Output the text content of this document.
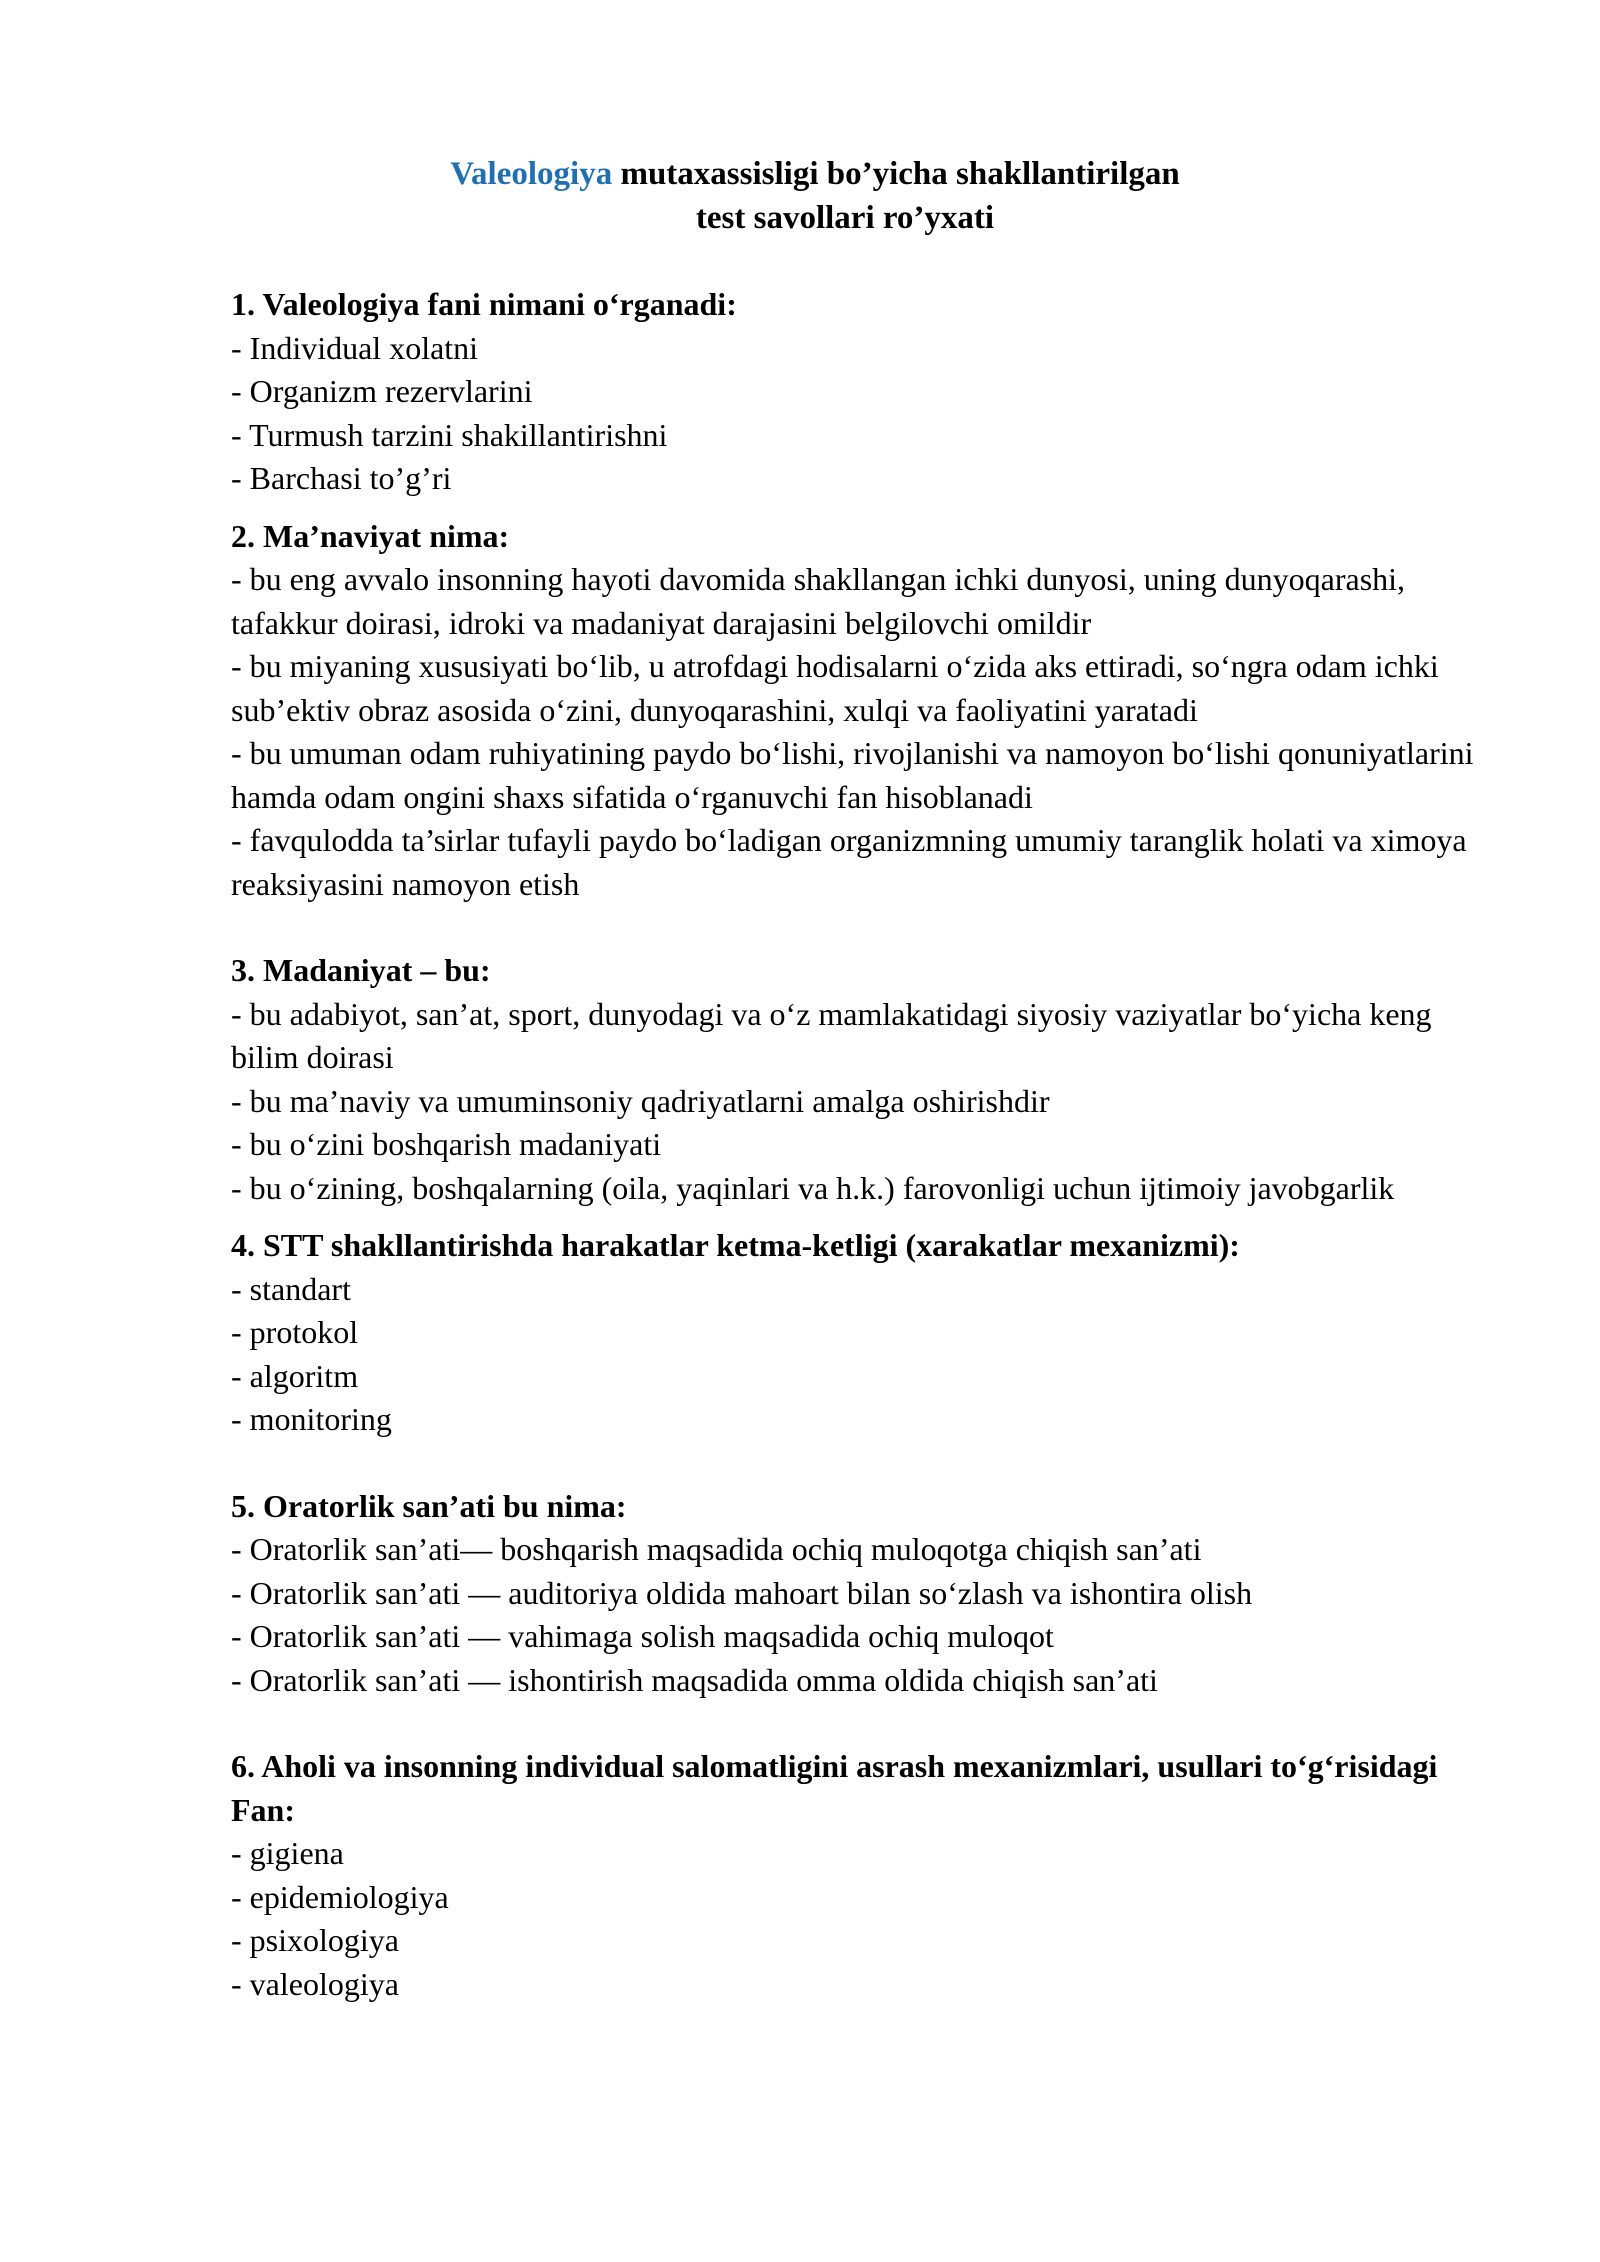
Valeologiya mutaxassisligi bo’yicha shakllantirilgan
test savollari ro’yxati

1. Valeologiya fani nimani o‘rganadi:

- Individual xolatni
- Organizm rezervlarini
- Turmush tarzini shakillantirishni
- Barchasi to’g’ri

2. Ma’naviyat nima:

- bu eng avvalo insonning hayoti davomida shakllangan ichki dunyosi, uning dunyoqarashi, tafakkur doirasi, idroki va madaniyat darajasini belgilovchi omildir
- bu miyaning xususiyati bo‘lib, u atrofdagi hodisalarni o‘zida aks ettiradi, so‘ngra odam ichki sub’ektiv obraz asosida o‘zini, dunyoqarashini, xulqi va faoliyatini yaratadi
- bu umuman odam ruhiyatining paydo bo‘lishi, rivojlanishi va namoyon bo‘lishi qonuniyatlarini hamda odam ongini shaxs sifatida o‘rganuvchi fan hisoblanadi
- favqulodda ta’sirlar tufayli paydo bo‘ladigan organizmning umumiy taranglik holati va ximoya reaksiyasini namoyon etish

3. Madaniyat – bu:

- bu adabiyot, san’at, sport, dunyodagi va o‘z mamlakatidagi siyosiy vaziyatlar bo‘yicha keng bilim doirasi
- bu ma’naviy va umuminsoniy qadriyatlarni amalga oshirishdir
- bu o‘zini boshqarish madaniyati
- bu o‘zining, boshqalarning (oila, yaqinlari va h.k.) farovonligi uchun ijtimoiy javobgarlik

4. STT shakllantirishda harakatlar ketma-ketligi (xarakatlar mexanizmi):

- standart
- protokol
- algoritm
- monitoring

5. Oratorlik san’ati bu nima:

- Oratorlik san’ati— boshqarish maqsadida ochiq muloqotga chiqish san’ati
- Oratorlik san’ati — auditoriya oldida mahoart bilan so‘zlash va ishontira olish
- Oratorlik san’ati — vahimaga solish maqsadida ochiq muloqot
- Oratorlik san’ati — ishontirish maqsadida omma oldida chiqish san’ati

6. Aholi va insonning individual salomatligini asrash mexanizmlari, usullari to‘g‘risidagi Fan:

- gigiena
- epidemiologiya
- psixologiya
- valeologiya
